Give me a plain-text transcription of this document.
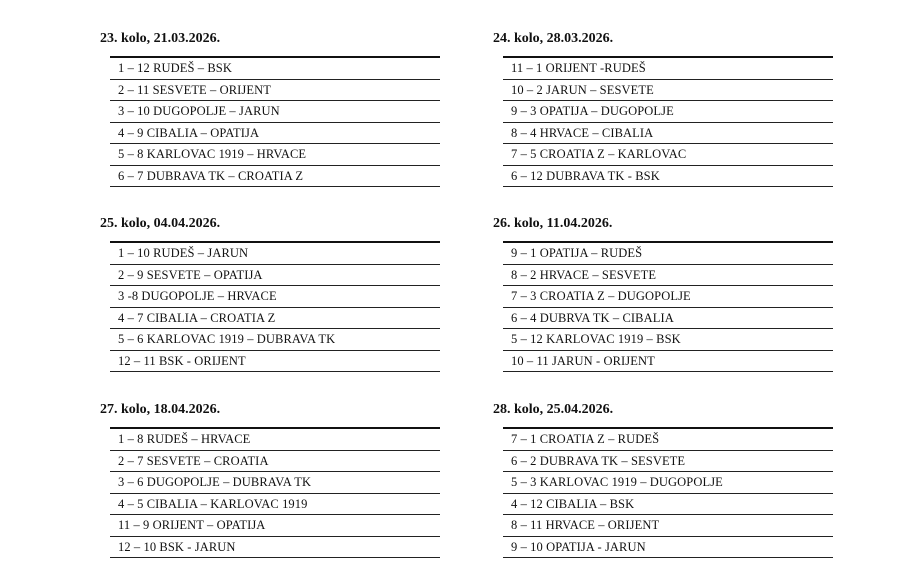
23. kolo, 21.03.2026.
1 – 12 RUDEŠ – BSK
2 – 11 SESVETE – ORIJENT
3 – 10 DUGOPOLJE – JARUN
4 – 9 CIBALIA – OPATIJA
5 – 8 KARLOVAC 1919 – HRVACE
6 – 7 DUBRAVA TK – CROATIA Z
24. kolo, 28.03.2026.
11 – 1 ORIJENT -RUDEŠ
10 – 2 JARUN – SESVETE
9 – 3 OPATIJA – DUGOPOLJE
8 – 4 HRVACE – CIBALIA
7 – 5 CROATIA Z – KARLOVAC
6 – 12 DUBRAVA TK - BSK
25. kolo, 04.04.2026.
1 – 10 RUDEŠ – JARUN
2 – 9 SESVETE – OPATIJA
3 -8 DUGOPOLJE – HRVACE
4 – 7 CIBALIA – CROATIA Z
5 – 6 KARLOVAC 1919 – DUBRAVA TK
12 – 11 BSK - ORIJENT
26. kolo, 11.04.2026.
9 – 1 OPATIJA – RUDEŠ
8 – 2 HRVACE – SESVETE
7 – 3 CROATIA Z – DUGOPOLJE
6 – 4 DUBRVA TK – CIBALIA
5 – 12 KARLOVAC 1919 – BSK
10 – 11 JARUN - ORIJENT
27. kolo, 18.04.2026.
1 – 8 RUDEŠ – HRVACE
2 – 7 SESVETE – CROATIA
3 – 6 DUGOPOLJE – DUBRAVA TK
4 – 5 CIBALIA – KARLOVAC 1919
11 – 9 ORIJENT – OPATIJA
12 – 10 BSK - JARUN
28. kolo, 25.04.2026.
7 – 1 CROATIA Z – RUDEŠ
6 – 2 DUBRAVA TK – SESVETE
5 – 3 KARLOVAC 1919 – DUGOPOLJE
4 – 12 CIBALIA – BSK
8 – 11 HRVACE – ORIJENT
9 – 10 OPATIJA - JARUN
